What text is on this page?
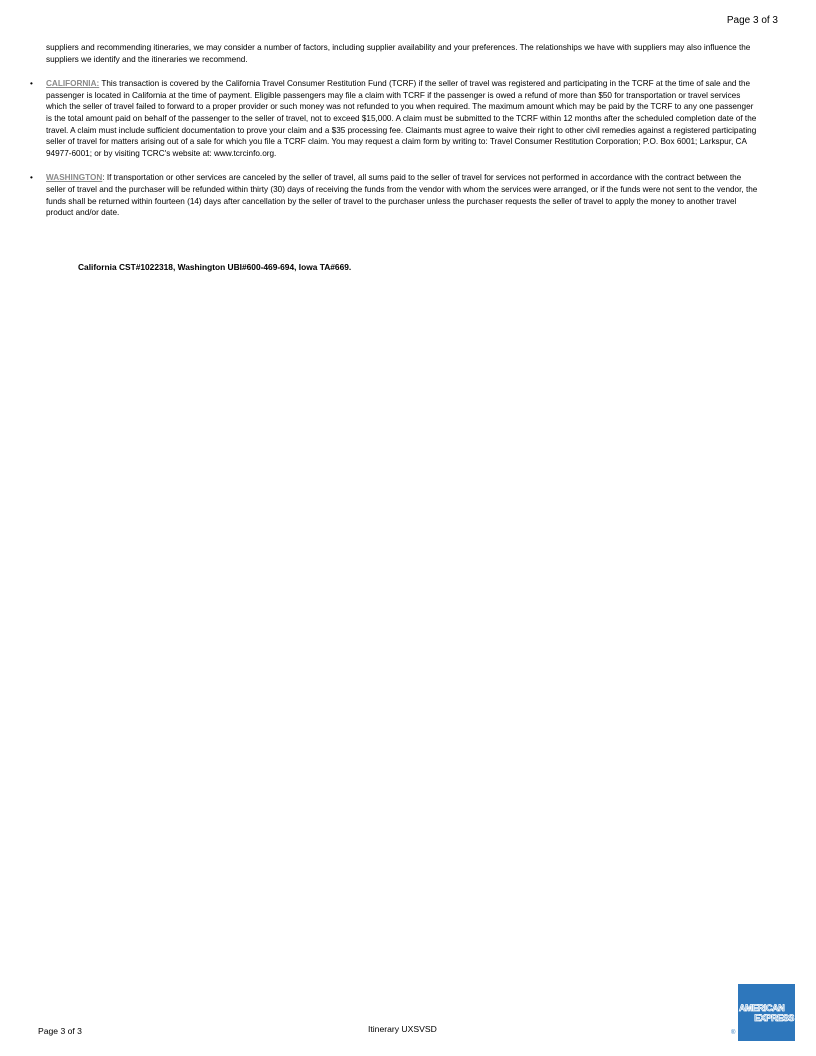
Page 3 of 3

suppliers and recommending itineraries, we may consider a number of factors, including supplier availability and your preferences. The relationships we have with suppliers may also influence the suppliers we identify and the itineraries we recommend.

• CALIFORNIA: This transaction is covered by the California Travel Consumer Restitution Fund (TCRF) if the seller of travel was registered and participating in the TCRF at the time of sale and the passenger is located in California at the time of payment. Eligible passengers may file a claim with TCRF if the passenger is owed a refund of more than $50 for transportation or travel services which the seller of travel failed to forward to a proper provider or such money was not refunded to you when required. The maximum amount which may be paid by the TCRF to any one passenger is the total amount paid on behalf of the passenger to the seller of travel, not to exceed $15,000. A claim must be submitted to the TCRF within 12 months after the scheduled completion date of the travel. A claim must include sufficient documentation to prove your claim and a $35 processing fee. Claimants must agree to waive their right to other civil remedies against a registered participating seller of travel for matters arising out of a sale for which you file a TCRF claim. You may request a claim form by writing to: Travel Consumer Restitution Corporation; P.O. Box 6001; Larkspur, CA 94977-6001; or by visiting TCRC's website at: www.tcrcinfo.org.
• WASHINGTON: If transportation or other services are canceled by the seller of travel, all sums paid to the seller of travel for services not performed in accordance with the contract between the seller of travel and the purchaser will be refunded within thirty (30) days of receiving the funds from the vendor with whom the services were arranged, or if the funds were not sent to the vendor, the funds shall be returned within fourteen (14) days after cancellation by the seller of travel to the purchaser unless the purchaser requests the seller of travel to apply the money to another travel product and/or date.
California CST#1022318, Washington UBI#600-469-694, Iowa TA#669.
Page 3 of 3	Itinerary UXSVSD	®
AMERICAN
EXPRESS
